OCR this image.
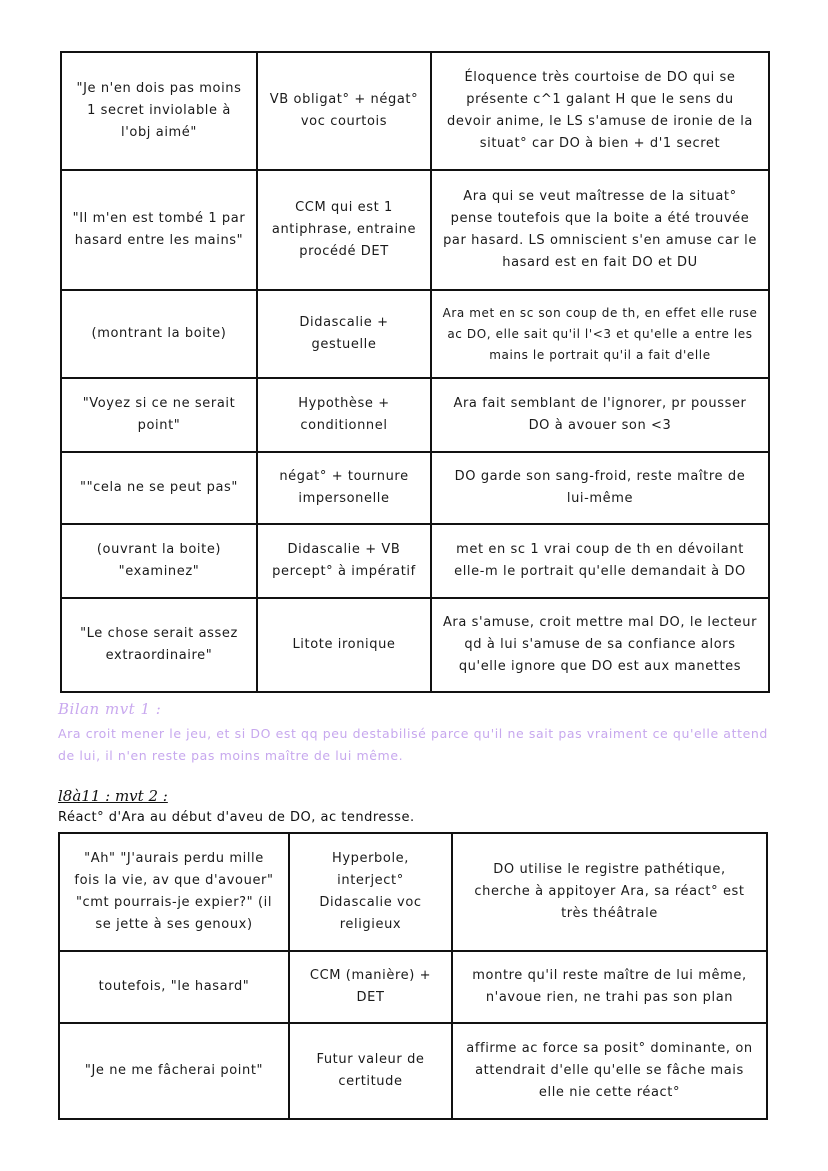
"Je n'en dois pas moins 1 secret inviolable à l'obj aimé"	VB obligat° + négat° voc courtois	Éloquence très courtoise de DO qui se présente c^1 galant H que le sens du devoir anime, le LS s'amuse de ironie de la situat° car DO à bien + d'1 secret
"Il m'en est tombé 1 par hasard entre les mains"	CCM qui est 1 antiphrase, entraine procédé DET	Ara qui se veut maîtresse de la situat° pense toutefois que la boite a été trouvée par hasard. LS omniscient s'en amuse car le hasard est en fait DO et DU
(montrant la boite)	Didascalie + gestuelle	Ara met en sc son coup de th, en effet elle ruse ac DO, elle sait qu'il l'<3 et qu'elle a entre les mains le portrait qu'il a fait d'elle
"Voyez si ce ne serait point"	Hypothèse + conditionnel	Ara fait semblant de l'ignorer, pr pousser DO à avouer son <3
""cela ne se peut pas"	négat° + tournure impersonelle	DO garde son sang-froid, reste maître de lui-même
(ouvrant la boite) "examinez"	Didascalie + VB percept° à impératif	met en sc 1 vrai coup de th en dévoilant elle-m le portrait qu'elle demandait à DO
"Le chose serait assez extraordinaire"	Litote ironique	Ara s'amuse, croit mettre mal DO, le lecteur qd à lui s'amuse de sa confiance alors qu'elle ignore que DO est aux manettes
Bilan mvt 1 :
Ara croit mener le jeu, et si DO est qq peu destabilisé parce qu'il ne sait pas vraiment ce qu'elle attend de lui, il n'en reste pas moins maître de lui même.
l8à11 : mvt 2 :
Réact° d'Ara au début d'aveu de DO, ac tendresse.
"Ah" "J'aurais perdu mille fois la vie, av que d'avouer" "cmt pourrais-je expier?" (il se jette à ses genoux)	Hyperbole, interject° Didascalie voc religieux	DO utilise le registre pathétique, cherche à appitoyer Ara, sa réact° est très théâtrale
toutefois, "le hasard"	CCM (manière) + DET	montre qu'il reste maître de lui même, n'avoue rien, ne trahi pas son plan
"Je ne me fâcherai point"	Futur valeur de certitude	affirme ac force sa posit° dominante, on attendrait d'elle qu'elle se fâche mais elle nie cette réact°
